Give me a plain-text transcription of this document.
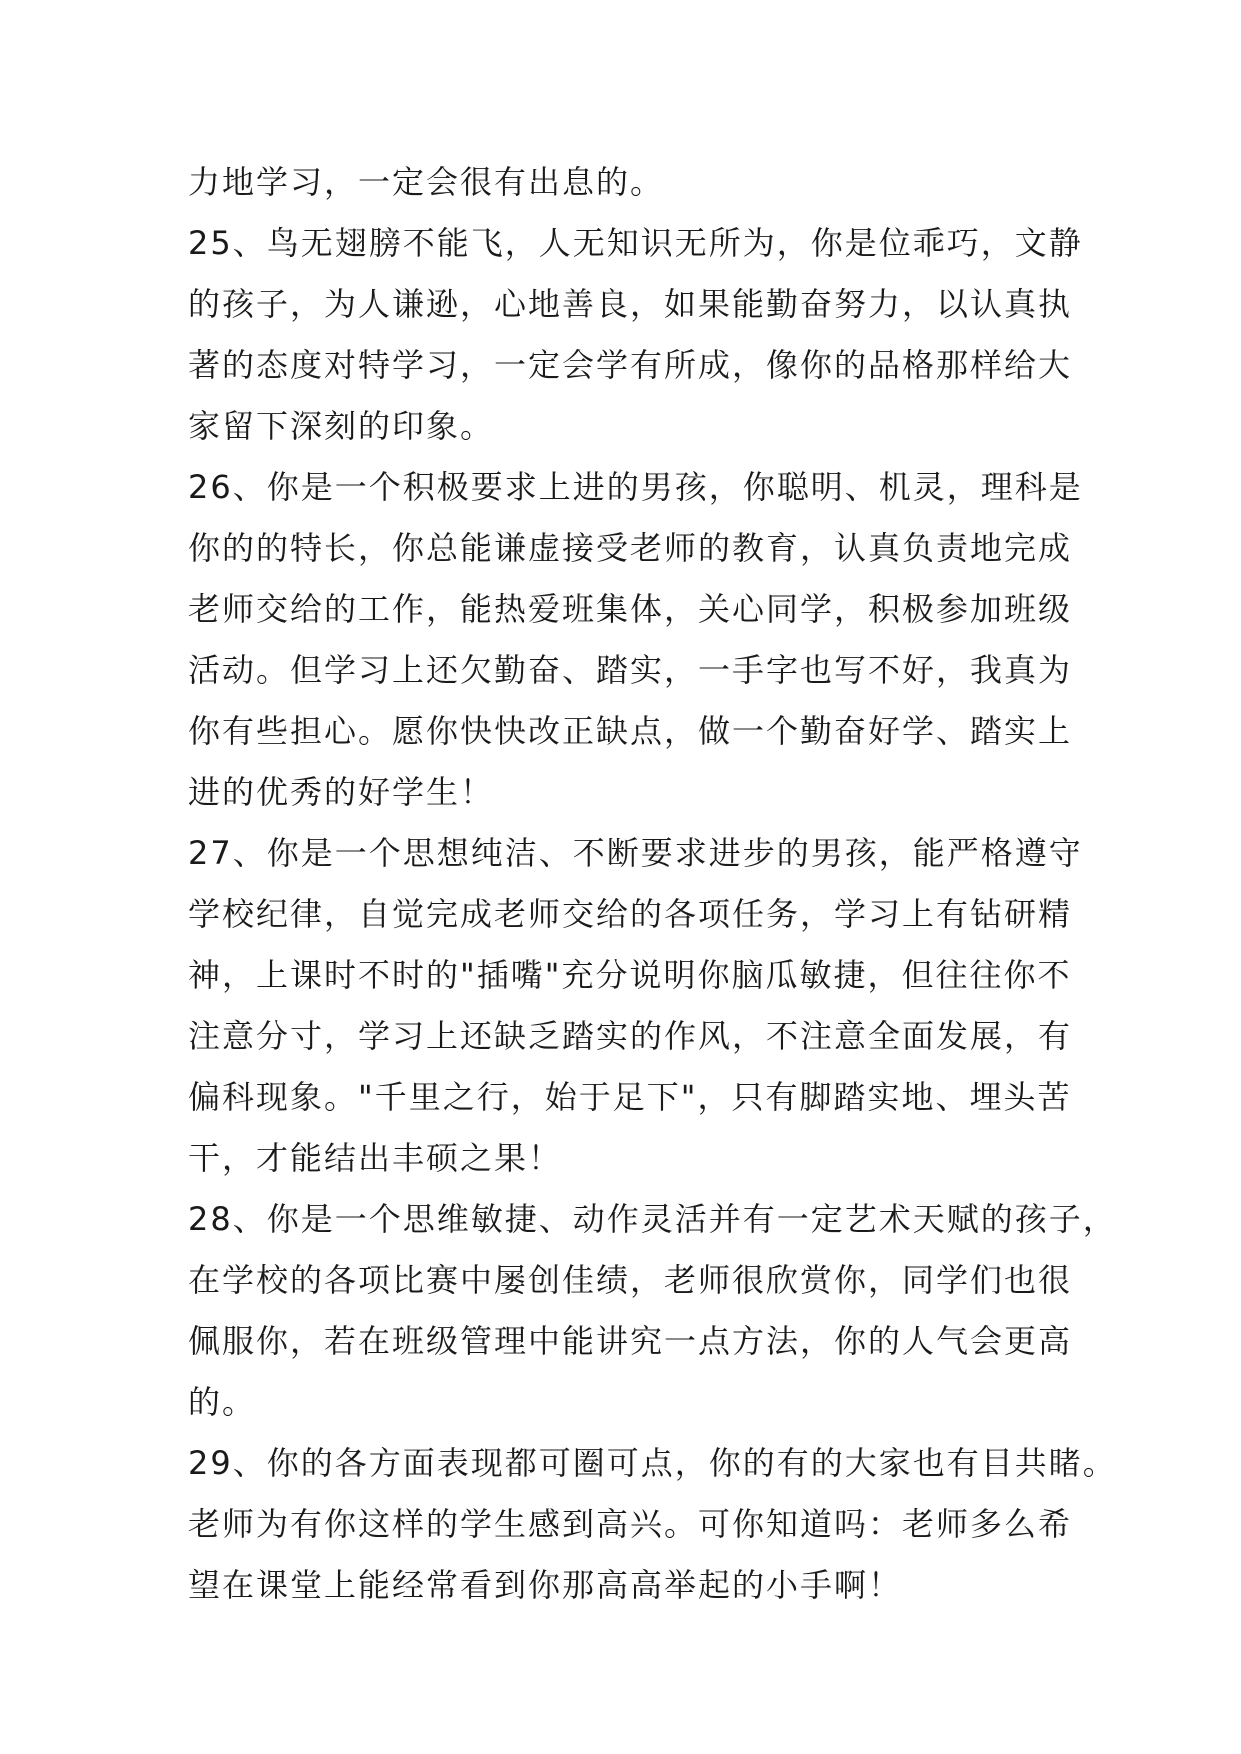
力地学习，一定会很有出息的。
25、鸟无翅膀不能飞，人无知识无所为，你是位乖巧，文静
的孩子，为人谦逊，心地善良，如果能勤奋努力，以认真执
著的态度对特学习，一定会学有所成，像你的品格那样给大
家留下深刻的印象。
26、你是一个积极要求上进的男孩，你聪明、机灵，理科是
你的的特长，你总能谦虚接受老师的教育，认真负责地完成
老师交给的工作，能热爱班集体，关心同学，积极参加班级
活动。但学习上还欠勤奋、踏实，一手字也写不好，我真为
你有些担心。愿你快快改正缺点，做一个勤奋好学、踏实上
进的优秀的好学生！
27、你是一个思想纯洁、不断要求进步的男孩，能严格遵守
学校纪律，自觉完成老师交给的各项任务，学习上有钻研精
神，上课时不时的"插嘴"充分说明你脑瓜敏捷，但往往你不
注意分寸，学习上还缺乏踏实的作风，不注意全面发展，有
偏科现象。"千里之行，始于足下"，只有脚踏实地、埋头苦
干，才能结出丰硕之果！
28、你是一个思维敏捷、动作灵活并有一定艺术天赋的孩子，
在学校的各项比赛中屡创佳绩，老师很欣赏你，同学们也很
佩服你，若在班级管理中能讲究一点方法，你的人气会更高
的。
29、你的各方面表现都可圈可点，你的有的大家也有目共睹。
老师为有你这样的学生感到高兴。可你知道吗：老师多么希
望在课堂上能经常看到你那高高举起的小手啊！
